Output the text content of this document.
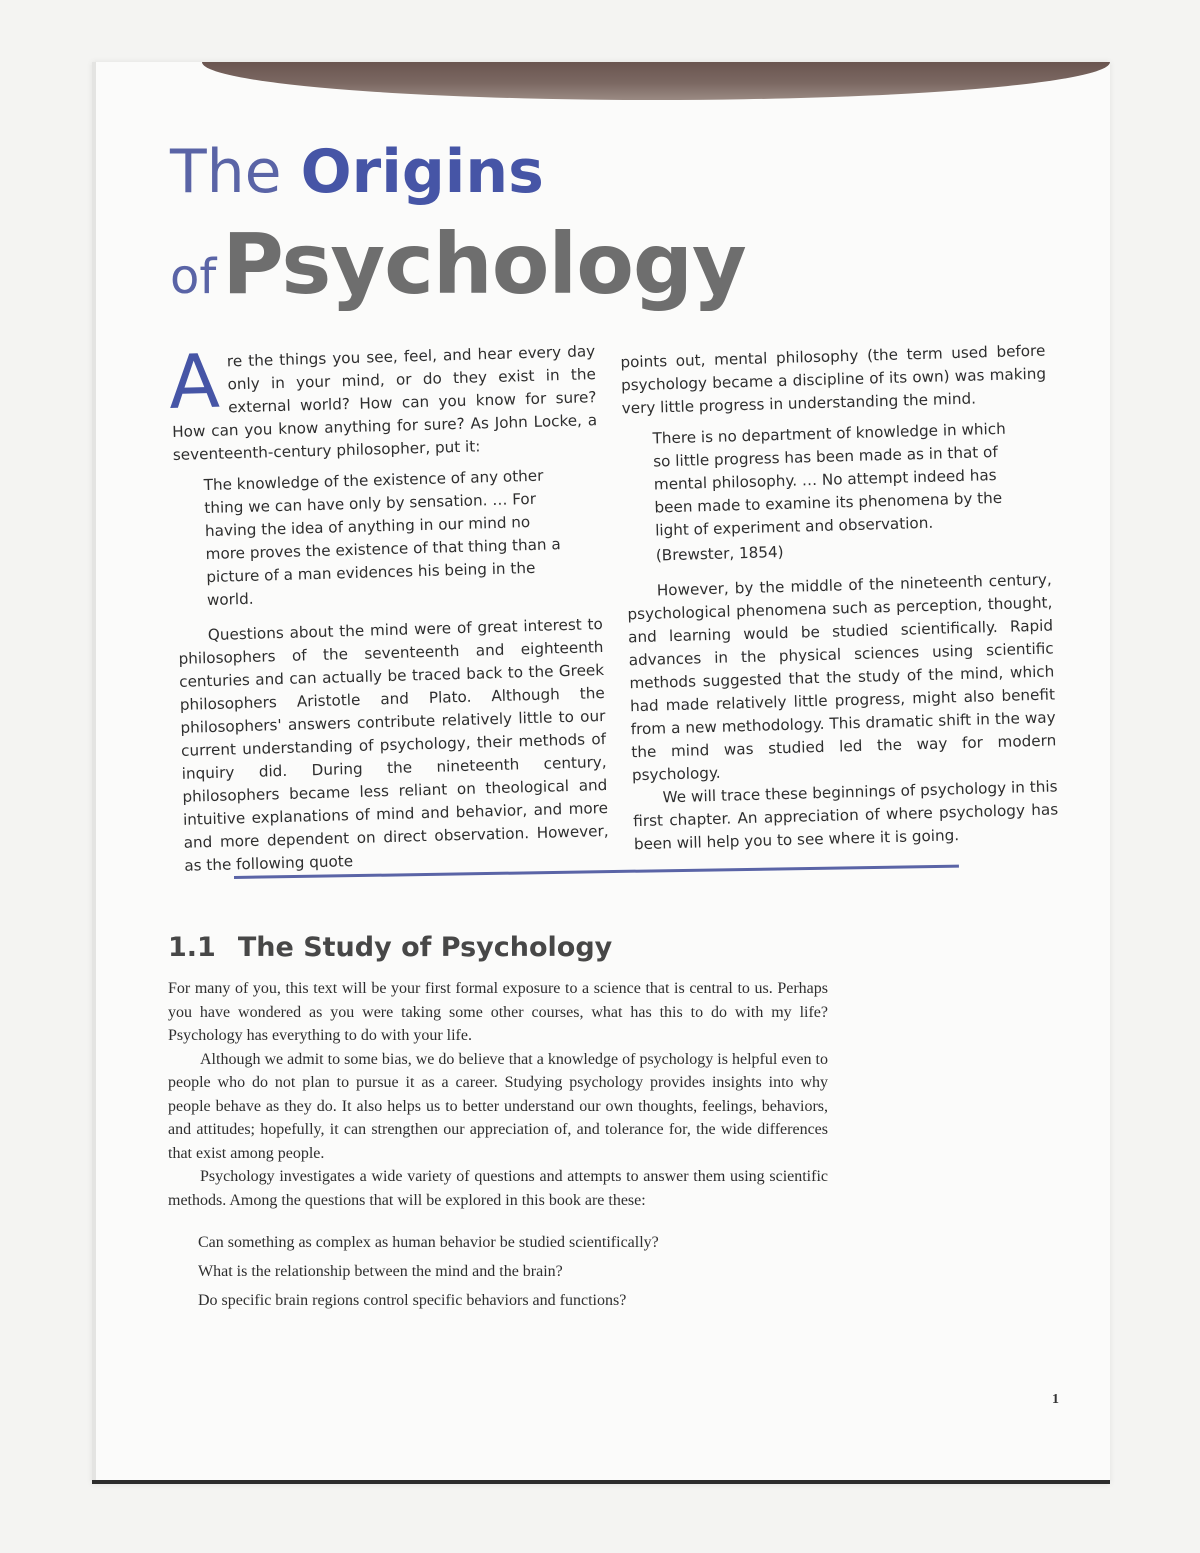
The Origins
ofPsychology

Are the things you see, feel, and hear every day only in your mind, or do they exist in the external world? How can you know for sure? How can you know anything for sure? As John Locke, a seventeenth-century philosopher, put it:

The knowledge of the existence of any other thing we can have only by sensation. … For having the idea of anything in our mind no more proves the existence of that thing than a picture of a man evidences his being in the world.

Questions about the mind were of great interest to philosophers of the seventeenth and eighteenth centuries and can actually be traced back to the Greek philosophers Aristotle and Plato. Although the philosophers' answers contribute relatively little to our current understanding of psychology, their methods of inquiry did. During the nineteenth century, philosophers became less reliant on theological and intuitive explanations of mind and behavior, and more and more dependent on direct observation. However, as the following quote

points out, mental philosophy (the term used before psychology became a discipline of its own) was making very little progress in understanding the mind.

There is no department of knowledge in which so little progress has been made as in that of mental philosophy. … No attempt indeed has been made to examine its phenomena by the light of experiment and observation.

(Brewster, 1854)

However, by the middle of the nineteenth century, psychological phenomena such as perception, thought, and learning would be studied scientifically. Rapid advances in the physical sciences using scientific methods suggested that the study of the mind, which had made relatively little progress, might also benefit from a new methodology. This dramatic shift in the way the mind was studied led the way for modern psychology.

We will trace these beginnings of psychology in this first chapter. An appreciation of where psychology has been will help you to see where it is going.

1.1 The Study of Psychology

For many of you, this text will be your first formal exposure to a science that is central to us. Perhaps you have wondered as you were taking some other courses, what has this to do with my life? Psychology has everything to do with your life.

Although we admit to some bias, we do believe that a knowledge of psychology is helpful even to people who do not plan to pursue it as a career. Studying psychology provides insights into why people behave as they do. It also helps us to better understand our own thoughts, feelings, behaviors, and attitudes; hopefully, it can strengthen our appreciation of, and tolerance for, the wide differences that exist among people.

Psychology investigates a wide variety of questions and attempts to answer them using scientific methods. Among the questions that will be explored in this book are these:

Can something as complex as human behavior be studied scientifically?
What is the relationship between the mind and the brain?
Do specific brain regions control specific behaviors and functions?
1
